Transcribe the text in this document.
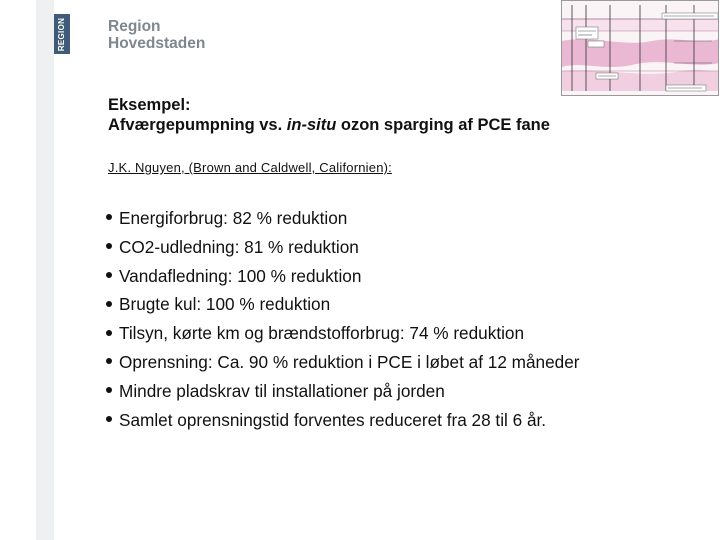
REGION	Region
Hovedstaden
Eksempel:
Afværgepumpning vs. in-situ ozon sparging af PCE fane
J.K. Nguyen, (Brown and Caldwell, Californien):
Energiforbrug: 82 % reduktion
CO2-udledning: 81 % reduktion
Vandafledning: 100 % reduktion
Brugte kul: 100 % reduktion
Tilsyn, kørte km og brændstofforbrug: 74 % reduktion
Oprensning: Ca. 90 % reduktion i PCE i løbet af 12 måneder
Mindre pladskrav til installationer på jorden
Samlet oprensningstid forventes reduceret fra 28 til 6 år.
